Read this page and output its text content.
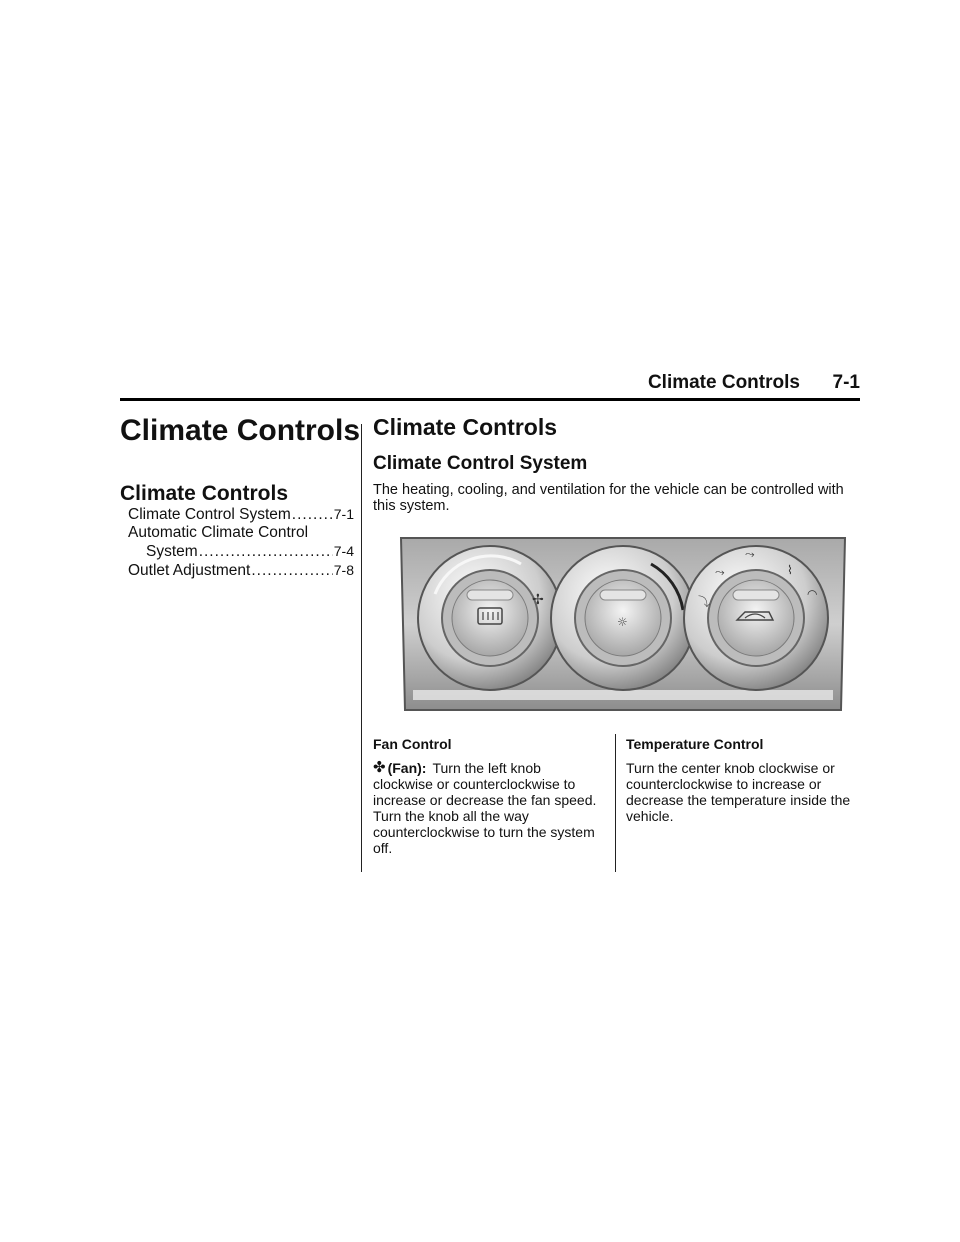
Climate Controls 7-1
Climate Controls
Climate Controls
Climate Control System .....	7-1
Automatic Climate Control
System .....	7-4
Outlet Adjustment .....	7-8
Climate Controls
Climate Control System
The heating, cooling, and ventilation for the vehicle can be controlled with this system.
✢
☼
⤳
⤳
⤵
⌇
◠
Fan Control
✤ (Fan): Turn the left knob

clockwise or counterclockwise to increase or decrease the fan speed. Turn the knob all the way counterclockwise to turn the system off.

Temperature Control

Turn the center knob clockwise or counterclockwise to increase or decrease the temperature inside the vehicle.
